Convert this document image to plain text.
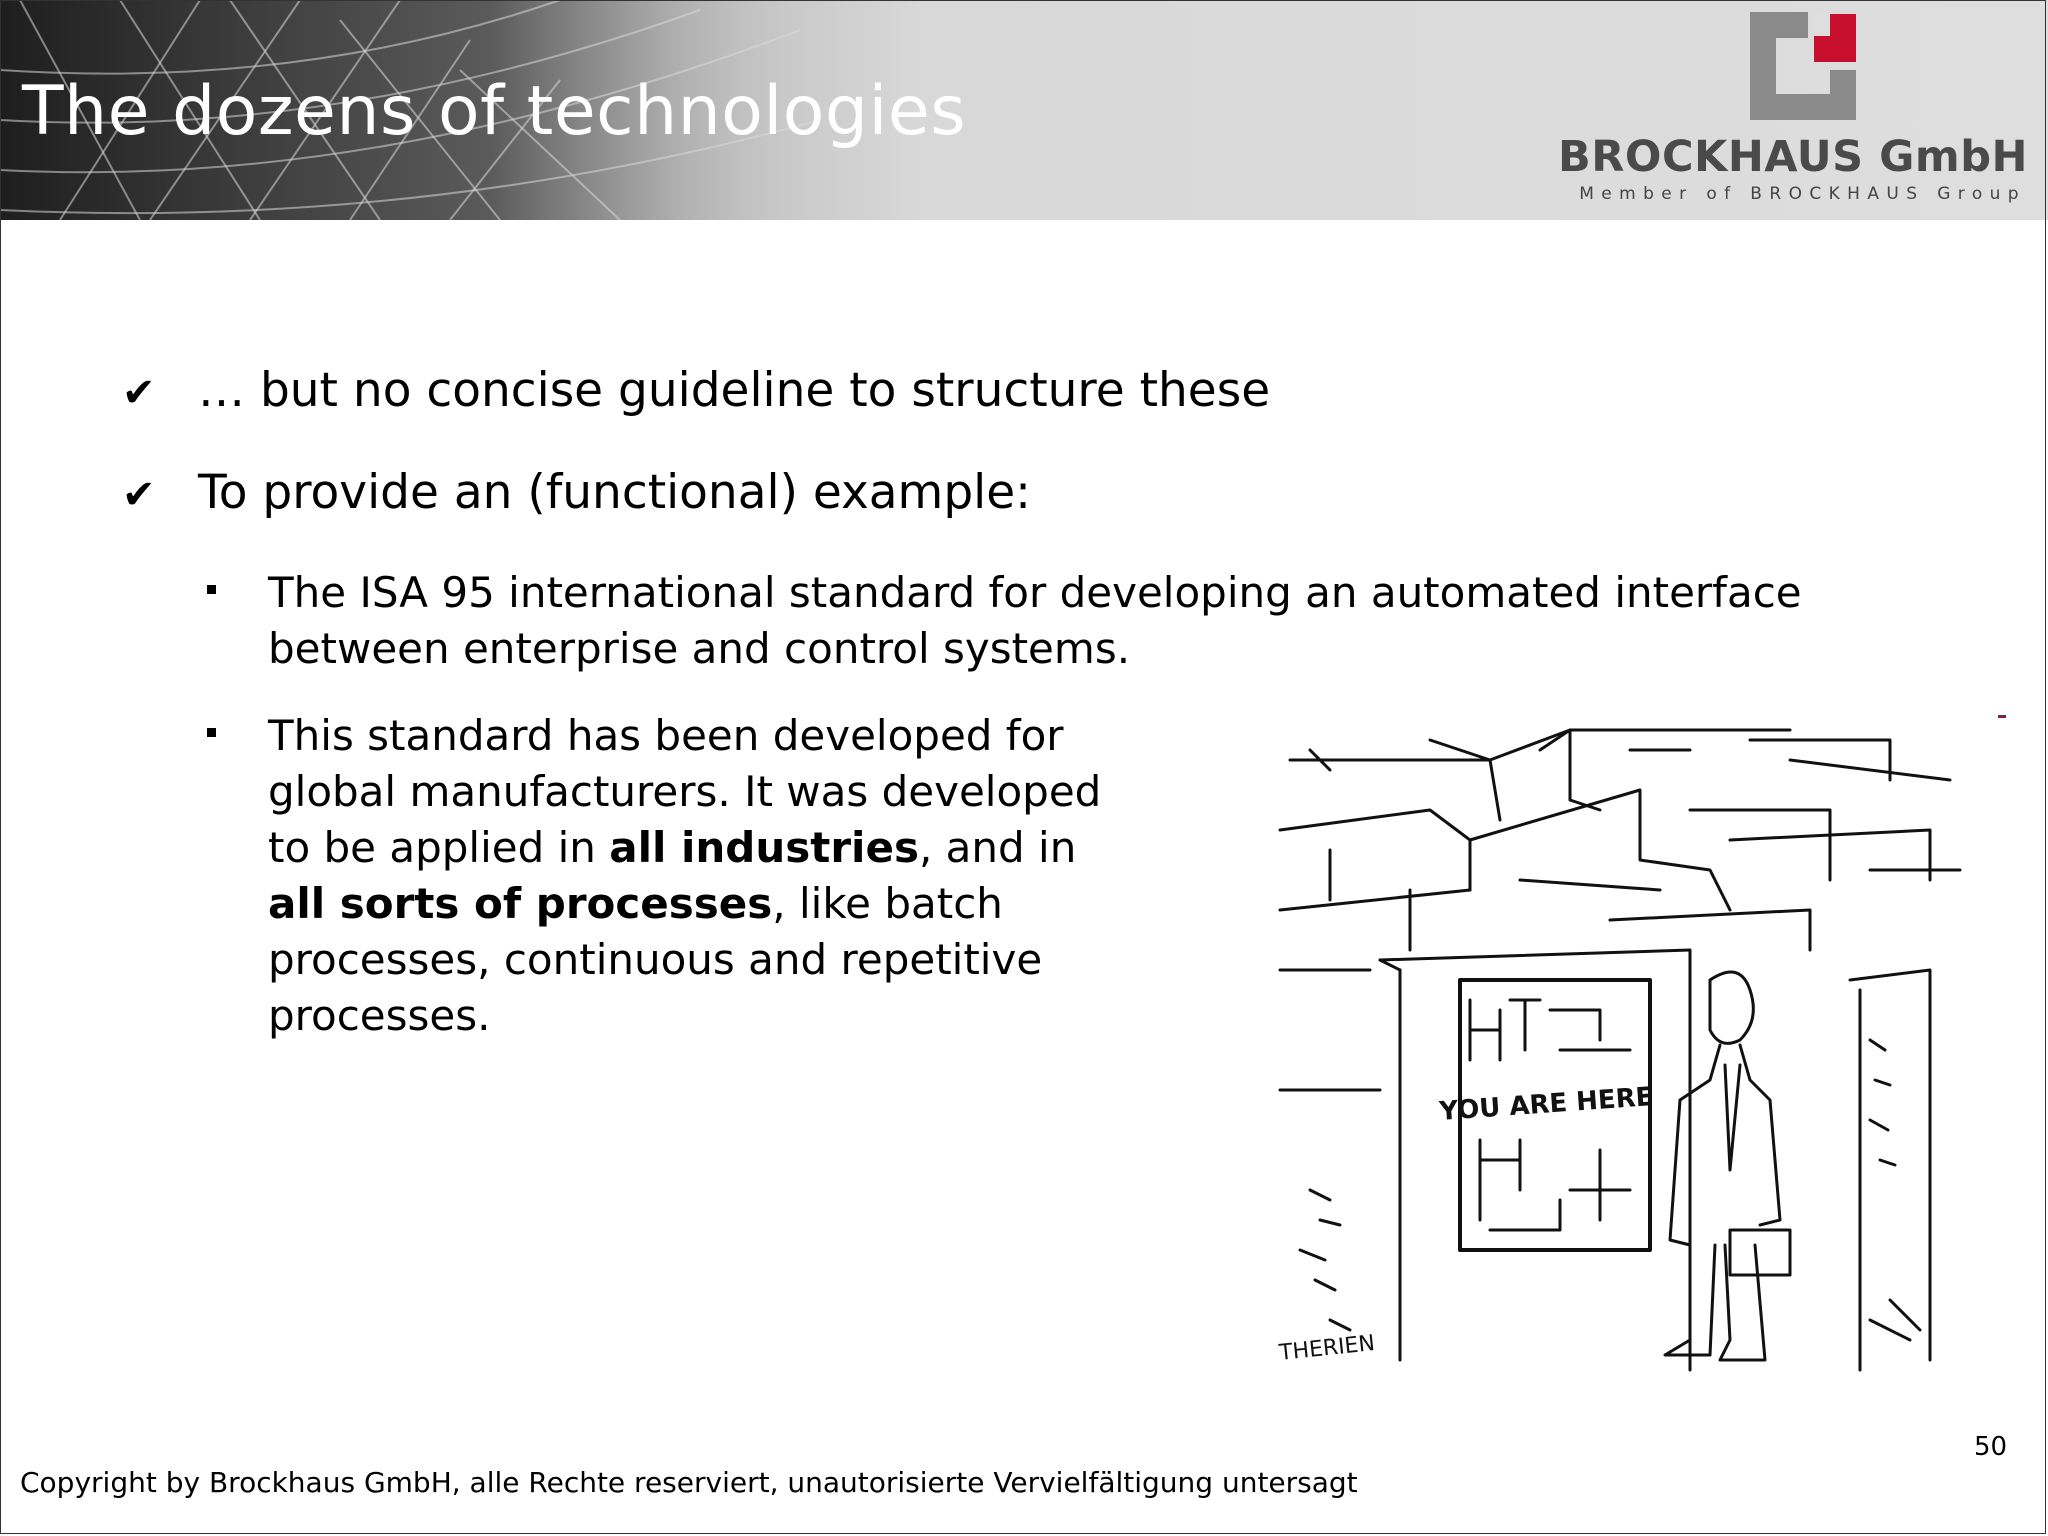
The dozens of technologies
BROCKHAUS GmbH
Member of BROCKHAUS Group
✔ … but no concise guideline to structure these
✔ To provide an (functional) example:
The ISA 95 international standard for developing an automated interface
between enterprise and control systems.
This standard has been developed for
global manufacturers. It was developed
to be applied in all industries, and in
all sorts of processes, like batch
processes, continuous and repetitive
processes.
YOU ARE HERE
THERIEN
50
Copyright by Brockhaus GmbH, alle Rechte reserviert, unautorisierte Vervielfältigung untersagt
